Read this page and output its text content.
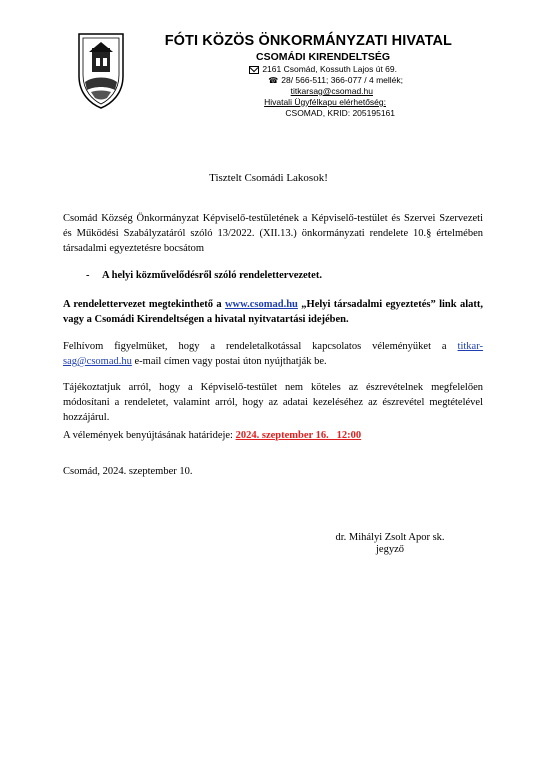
FÓTI KÖZÖS ÖNKORMÁNYZATI HIVATAL
CSOMÁDI KIRENDELTSÉG
2161 Csomád, Kossuth Lajos út 69.
☎ 28/ 566-511; 366-077 / 4 mellék;
titkarsag@csomad.hu
Hivatali Ügyfélkapu elérhetőség:
CSOMAD, KRID: 205195161
Tisztelt Csomádi Lakosok!
Csomád Község Önkormányzat Képviselő-testületének a Képviselő-testület és Szervei Szervezeti és Működési Szabályzatáról szóló 13/2022. (XII.13.) önkormányzati rendelete 10.§ értelmében társadalmi egyeztetésre bocsátom
- A helyi közművelődésről szóló rendelettervezetet.
A rendelettervezet megtekinthető a www.csomad.hu „Helyi társadalmi egyeztetés” link alatt, vagy a Csomádi Kirendeltségen a hivatal nyitvatartási idejében.
Felhívom figyelmüket, hogy a rendeletalkotással kapcsolatos véleményüket a titkar-sag@csomad.hu e-mail címen vagy postai úton nyújthatják be.
Tájékoztatjuk arról, hogy a Képviselő-testület nem köteles az észrevételnek megfelelően módosítani a rendeletet, valamint arról, hogy az adatai kezeléséhez az észrevétel megtételével hozzájárul.
A vélemények benyújtásának határideje: 2024. szeptember 16.   12:00
Csomád, 2024. szeptember 10.
dr. Mihályi Zsolt Apor sk.
jegyző
